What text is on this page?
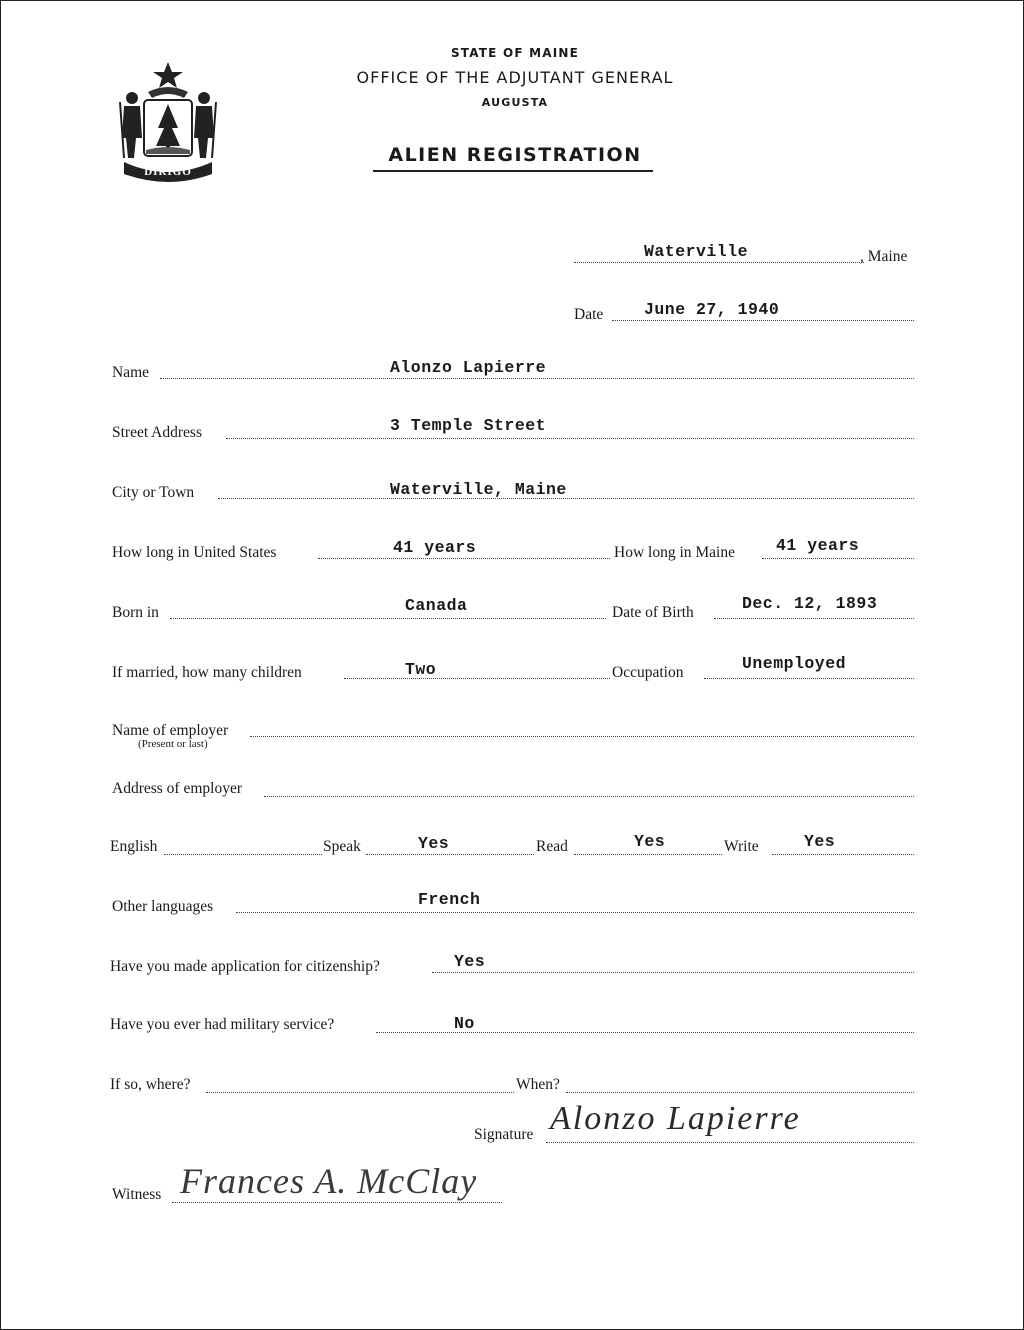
DIRIGO
STATE OF MAINE
OFFICE OF THE ADJUTANT GENERAL
AUGUSTA
ALIEN REGISTRATION
Waterville	, Maine
Date June 27, 1940
Name	Alonzo Lapierre
Street Address	3 Temple Street
City or Town	Waterville, Maine
How long in United States	41 years	How long in Maine 41 years
Born in	Canada	Date of Birth	Dec. 12, 1893
If married, how many children	Two	Occupation	Unemployed
Name of employer
(Present or last)
Address of employer
English	Speak	Yes	Read	Yes	Write	Yes
Other languages	French
Have you made application for citizenship?	Yes
Have you ever had military service?	No
If so, where?	When?
Signature Alonzo Lapierre
Witness Frances A. McClay
